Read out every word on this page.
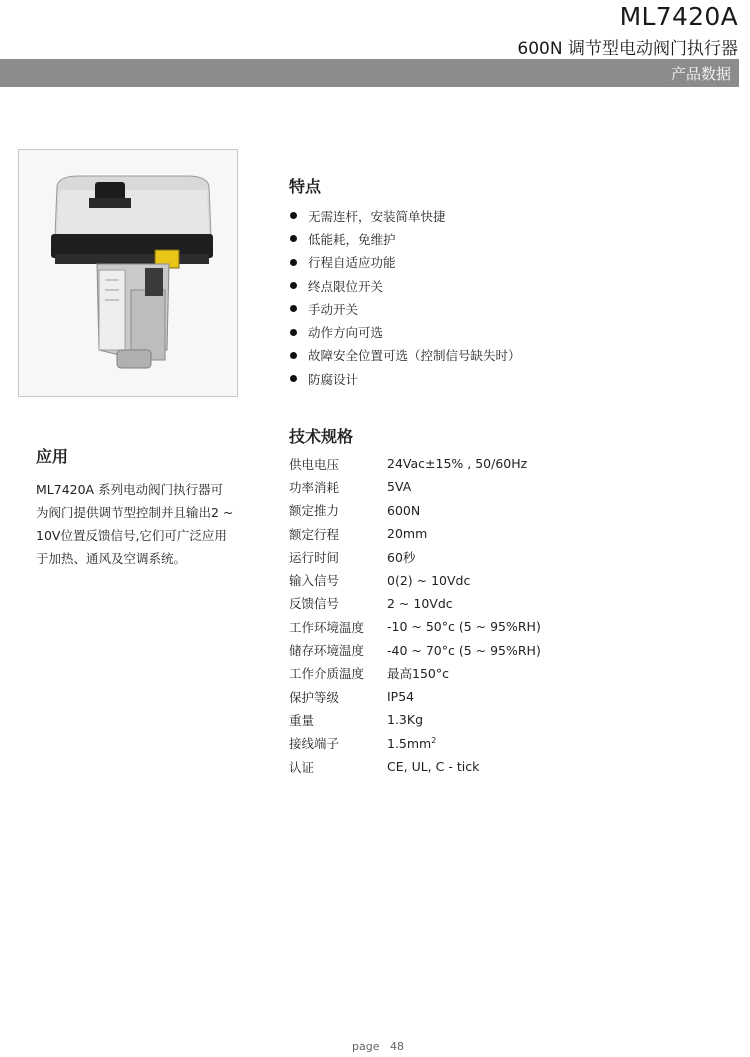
ML7420A
600N 调节型电动阀门执行器
产品数据
应用
ML7420A 系列电动阀门执行器可
为阀门提供调节型控制并且输出2 ~
10V位置反馈信号,它们可广泛应用
于加热、通风及空调系统。
特点
无需连杆，安装简单快捷
低能耗，免维护
行程自适应功能
终点限位开关
手动开关
动作方向可选
故障安全位置可选（控制信号缺失时）
防腐设计
技术规格
供电电压	24Vac±15% , 50/60Hz
功率消耗	5VA
额定推力	600N
额定行程	20mm
运行时间	60秒
输入信号	0(2) ~ 10Vdc
反馈信号	2 ~ 10Vdc
工作环境温度	-10 ~ 50°c (5 ~ 95%RH)
储存环境温度	-40 ~ 70°c (5 ~ 95%RH)
工作介质温度	最高150°c
保护等级	IP54
重量	1.3Kg
接线端子	$1.5mm^2$
认证	CE, UL, C - tick
page   48
